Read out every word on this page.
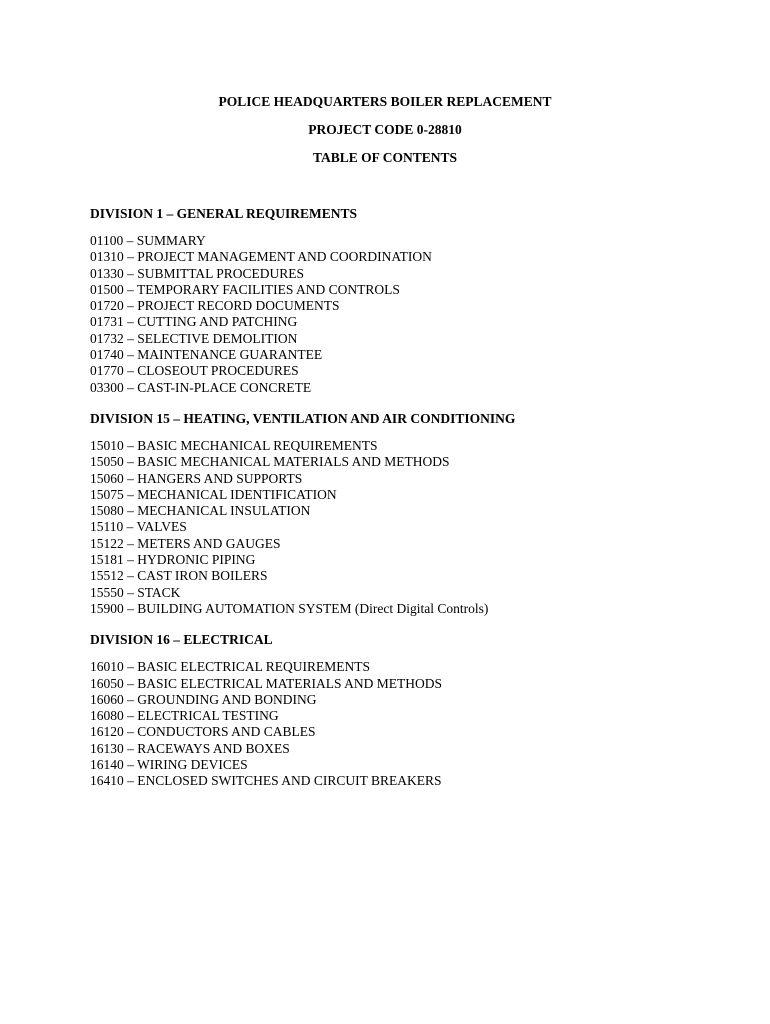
POLICE HEADQUARTERS BOILER REPLACEMENT
PROJECT CODE 0-28810
TABLE OF CONTENTS
DIVISION 1 – GENERAL REQUIREMENTS
01100 – SUMMARY
01310 – PROJECT MANAGEMENT AND COORDINATION
01330 – SUBMITTAL PROCEDURES
01500 – TEMPORARY FACILITIES AND CONTROLS
01720 – PROJECT RECORD DOCUMENTS
01731 – CUTTING AND PATCHING
01732 – SELECTIVE DEMOLITION
01740 – MAINTENANCE GUARANTEE
01770 – CLOSEOUT PROCEDURES
03300 – CAST-IN-PLACE CONCRETE
DIVISION 15 – HEATING, VENTILATION AND AIR CONDITIONING
15010 – BASIC MECHANICAL REQUIREMENTS
15050 – BASIC MECHANICAL MATERIALS AND METHODS
15060 – HANGERS AND SUPPORTS
15075 – MECHANICAL IDENTIFICATION
15080 – MECHANICAL INSULATION
15110 – VALVES
15122 – METERS AND GAUGES
15181 – HYDRONIC PIPING
15512 – CAST IRON BOILERS
15550 – STACK
15900 – BUILDING AUTOMATION SYSTEM (Direct Digital Controls)
DIVISION 16 – ELECTRICAL
16010 – BASIC ELECTRICAL REQUIREMENTS
16050 – BASIC ELECTRICAL MATERIALS AND METHODS
16060 – GROUNDING AND BONDING
16080 – ELECTRICAL TESTING
16120 – CONDUCTORS AND CABLES
16130 – RACEWAYS AND BOXES
16140 – WIRING DEVICES
16410 – ENCLOSED SWITCHES AND CIRCUIT BREAKERS
